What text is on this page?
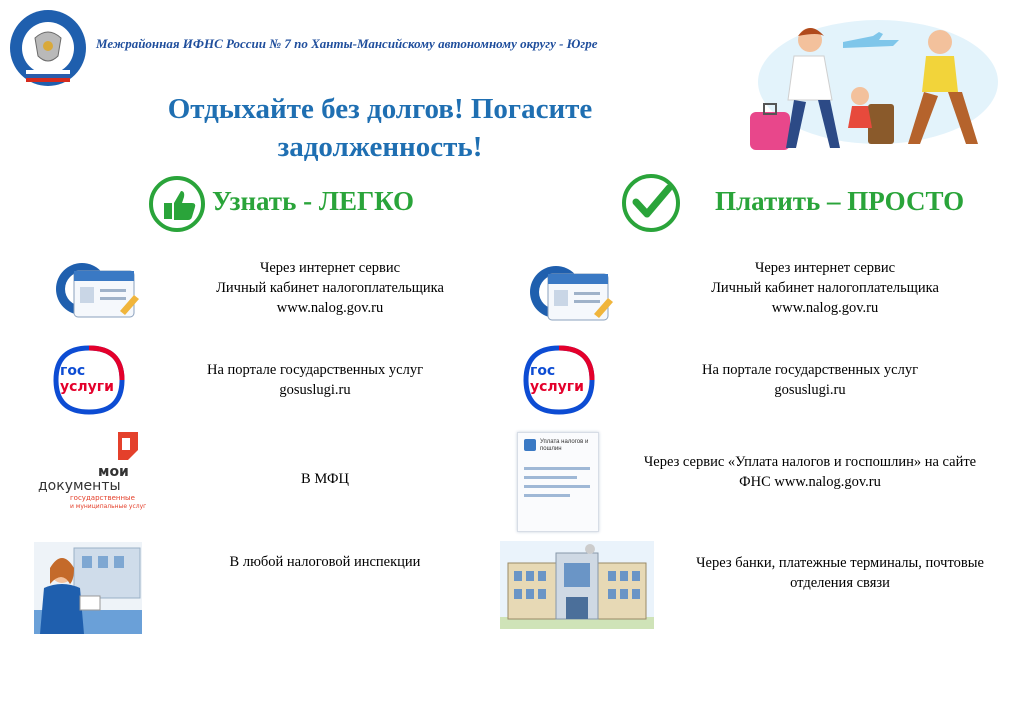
Межрайонная ИФНС России № 7 по Ханты-Мансийскому автономному округу - Югре
Отдыхайте без долгов! Погасите
задолженность!
Узнать - ЛЕГКО	Платить – ПРОСТО
Через интернет сервис
Личный кабинет налогоплательщика
www.nalog.gov.ru
гос
услуги
На портале государственных услуг
gosuslugi.ru
мои
документы
государственные
и муниципальные услуги
В МФЦ
В любой налоговой инспекции
Через интернет сервис
Личный кабинет налогоплательщика
www.nalog.gov.ru
гос
услуги
На портале государственных услуг
gosuslugi.ru
Уплата налогов и пошлин
Через сервис «Уплата налогов и госпошлин» на сайте
ФНС www.nalog.gov.ru
Через банки, платежные терминалы, почтовые
отделения связи
